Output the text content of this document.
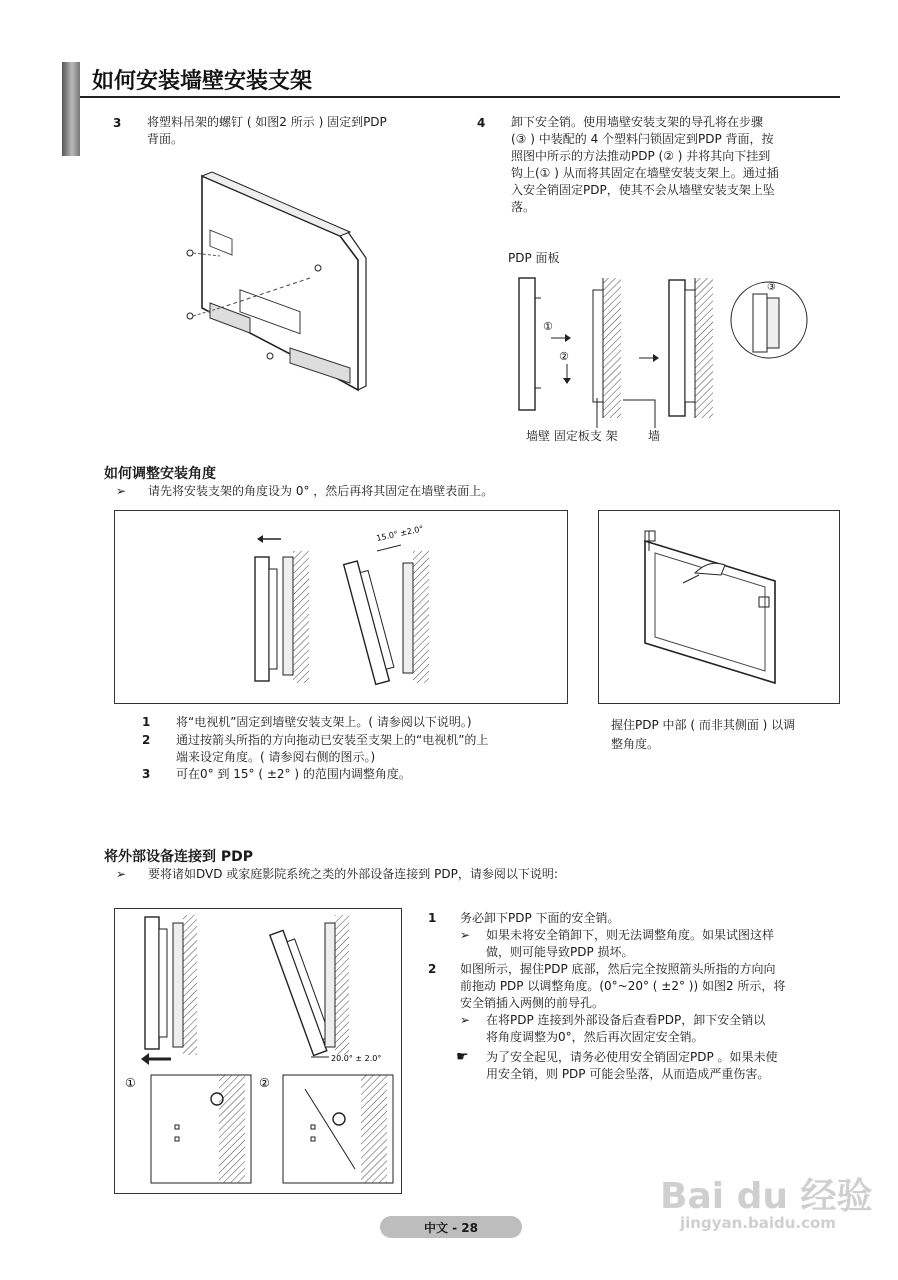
如何安装墙壁安装支架
3 将塑料吊架的螺钉 ( 如图2 所示 ) 固定到PDP
背面。
4 卸下安全销。使用墙壁安装支架的导孔将在步骤
(③ ) 中装配的 4 个塑料闩锁固定到PDP 背面，按
照图中所示的方法推动PDP (② ) 并将其向下挂到
钩上(① ) 从而将其固定在墙壁安装支架上。通过插
入安全销固定PDP，使其不会从墙壁安装支架上坠
落。
PDP 面板
①
②
③
墙壁 固定板支 架	墙
如何调整安装角度
➢ 请先将安装支架的角度设为 0° ，然后再将其固定在墙壁表面上。
15.0° ±2.0°
1	将“电视机”固定到墙壁安装支架上。( 请参阅以下说明。)
2	通过按箭头所指的方向拖动已安装至支架上的“电视机”的上
端来设定角度。( 请参阅右侧的图示。)
3	可在0° 到 15° ( ±2° ) 的范围内调整角度。
握住PDP 中部 ( 而非其侧面 ) 以调
整角度。
将外部设备连接到 PDP
➢ 要将诸如DVD 或家庭影院系统之类的外部设备连接到 PDP，请参阅以下说明:
20.0° ± 2.0°
①	②
1	务必卸下PDP 下面的安全销。
➢	如果未将安全销卸下，则无法调整角度。如果试图这样
做，则可能导致PDP 损坏。
2	如图所示，握住PDP 底部，然后完全按照箭头所指的方向向
前拖动 PDP 以调整角度。(0°~20° ( ±2° )) 如图2 所示，将
安全销插入两侧的前导孔。
➢	在将PDP 连接到外部设备后查看PDP，卸下安全销以
将角度调整为0°，然后再次固定安全销。
☛	为了安全起见，请务必使用安全销固定PDP 。如果未使
用安全销，则 PDP 可能会坠落，从而造成严重伤害。
中文 - 28
Bai du 经验
jingyan.baidu.com
